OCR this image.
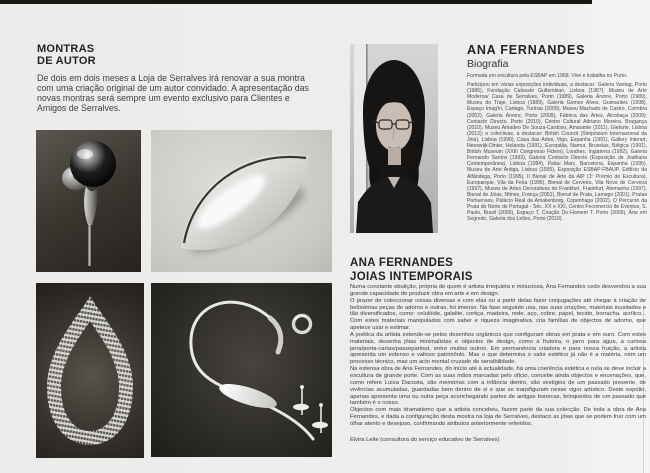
MONTRAS
DE AUTOR
De dois em dois meses a Loja de Serralves irá renovar a sua montra com uma criação original de um autor convidado. A apresentação das novas montras será sempre um evento exclusivo para Clientes e Amigos de Serralves.
ANA FERNANDES
Biografia

Formada em escultura pela ESBAP em 1968. Vive e trabalha no Porto.

Participou em várias exposições individuais, a destacar: Galeria Vantag, Porto (1986), Fundação Calouste Gulbenkian, Lisboa (1987), Museu de Arte Moderna/ Casa de Serralves, Porto (1989), Galeria Árvore, Porto (1989), Museu do Traje, Lisboa (1989), Galeria Gomes Alves, Guimarães (1998), Espaço Imag'in, Cartago, Tunísia (2000), Museu Machado de Castro, Coimbra (2002), Galeria Árvore, Porto (2009), Fábrica das Artes, Alcobaça (2009); Contacto Directo, Porto (2010), Centro Cultural Adriano Moreira, Bragança (2010), Museu Amadeo De Souza-Cardoso, Amarante (2011), Giefarte, Lisboa (2012); e colectivas, a destacar: British Council (Simpósium Internacional da Jóia), Lisboa (1990), Casa das Artes, Vigo, Espanha (1991), Gallery Interart, Heeswijk-Dinter, Holanda (1991), Europália, Namur, Bruxelas, Bélgica (1991), British Museum (XXIII Congresso Fidem), Londres, Inglaterra (1992), Galeria Fernando Santos (1993), Galeria Contacto Directo (Exposição de Joalharia Contemporânea), Lisboa (1994), Palau Marc, Barcelona, Espanha (1995), Museu de Arte Antiga, Lisboa (1995), Exposição ESBAP-FBAUP, Edifício da Alfândega, Porto (1995), II Bienal de Arte da AIP (1º Prémio de Escultura), Europarque, Vila da Feira (1995), Bienal de Cerveira, Vila Nova de Cerveira (1997), Museu de Artes Decorativas de Frankfurt, Frankfurt, Alemanha (1997), Bienal de Jóias, Nîmes, França (2001), Bienal de Prata, Lamego (2001), Pratas Portuenses, Palácio Real de Amalienborg, Copenhaga (2002), O Percurso da Prata do Norte de Portugal - Séc. XX e XXI, Centro Fecomercio de Eventos, S. Paulo, Brasil (2005), Espaço T, Criação Do Homem T, Porto (2009), Arte em Segredo, Galeria dos Leões, Porto (2010).

ANA FERNANDES
JOIAS INTEMPORAIS

Numa constante ebulição, própria de quem é artista irrequieta e minuciosa, Ana Fernandes cedo desvendou a sua grande capacidade de produzir obra em arte e em design.

O prazer de coleccionar coisas diversas e com elas ou a partir delas fazer conjugações até chegar à criação de belíssimas peças de adorno e outras, foi imenso. Na fase seguinte usa, nas suas criações, materiais inusitados e tão diversificados, como: celulóide, galalite, cortiça, madeira, rede, aço, cobre, papel, tecido, borracha, acrílico... Com estes materiais manipulados com saber e riqueza imaginativa, cria famílias de objectos de adorno, que apetece usar e estimar.

A poética da artista estende-se pelos desenhos orgânicos que configuram obras em prata e em ouro. Com estes materiais, desenha jóias minimalistas e objectos de design, como a fruteira, o jarro para água, a curiosa jarra/porta-cartas/passepartout, entre muitos outros. Em permanência criadora e para nossa fruição, a artista apresenta um extenso e valioso património. Mas o que determina o valor estético já não é a matéria, nem um processo técnico, mas um acto mental cruzado de sensibilidade.

Na extensa obra de Ana Fernandes, do início até à actualidade, há uma coerência estética e nela se deve incluir a escultura de grande porte. Com as suas mãos marcadas pelo ofício, concebe ainda objectos e encenações, que, como refere Luísa Dacosta, são memórias com a infância dentro, são vestígios de um passado presente, de vivências acumuladas, guardadas bem dentro de si e que se transfiguram nesse vigor artístico. Deste espólio, apenas apresenta uma ou outra peça aconchegando partes de antigas bonecas, brinquedos de um passado que também é o nosso.

Objectos com mais dramatismo que a artista concebeu, fazem parte da sua colecção. De toda a obra de Ana Fernandes, e dada a configuração desta mostra na loja de Serralves, destaco as jóias que se podem fruir com um olhar atento e desejoso, confirmando atributos anteriormente referidos.

Elvira Leite (consultora do serviço educativo de Serralves)
